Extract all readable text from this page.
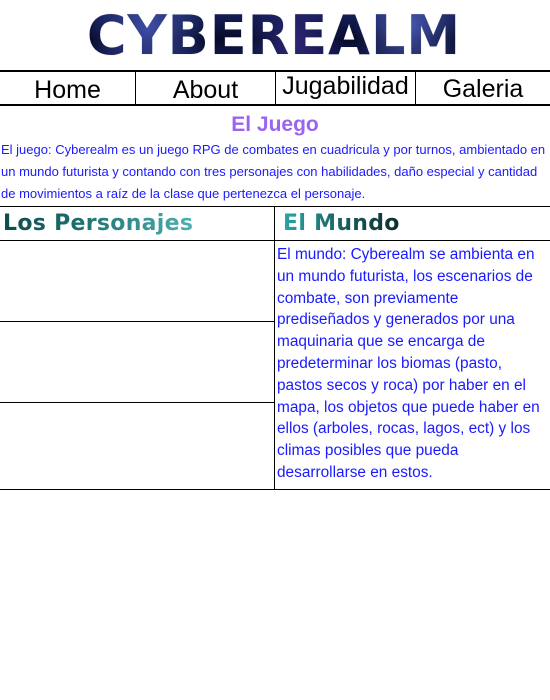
CYBEREALM
Home	About	Jugabilidad	Galeria
El Juego

El juego: Cyberealm es un juego RPG de combates en cuadricula y por turnos, ambientado en un mundo futurista y contando con tres personajes con habilidades, daño especial y cantidad de movimientos a raíz de la clase que pertenezca el personaje.

Los Personajes	El Mundo

El mundo: Cyberealm se ambienta en un mundo futurista, los escenarios de combate, son previamente prediseñados y generados por una maquinaria que se encarga de predeterminar los biomas (pasto, pastos secos y roca) por haber en el mapa, los objetos que puede haber en ellos (arboles, rocas, lagos, ect) y los climas posibles que pueda desarrollarse en estos.
